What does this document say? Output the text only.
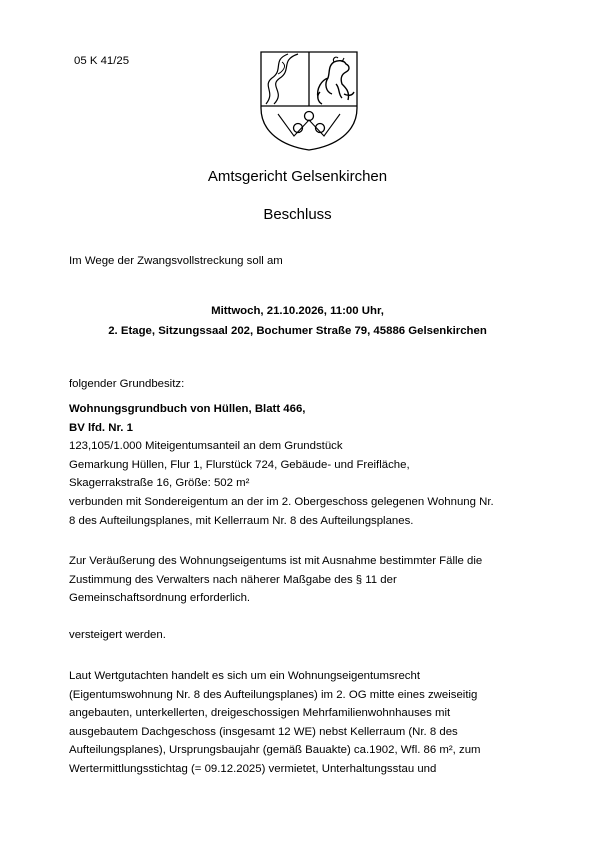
05 K 41/25
Amtsgericht Gelsenkirchen
Beschluss
Im Wege der Zwangsvollstreckung soll am
Mittwoch, 21.10.2026, 11:00 Uhr,
2. Etage, Sitzungssaal 202, Bochumer Straße 79, 45886 Gelsenkirchen
folgender Grundbesitz:
Wohnungsgrundbuch von Hüllen, Blatt 466,
BV lfd. Nr. 1
123,105/1.000 Miteigentumsanteil an dem Grundstück
Gemarkung Hüllen, Flur 1, Flurstück 724, Gebäude- und Freifläche,
Skagerrakstraße 16, Größe: 502 m²
verbunden mit Sondereigentum an der im 2. Obergeschoss gelegenen Wohnung Nr.
8 des Aufteilungsplanes, mit Kellerraum Nr. 8 des Aufteilungsplanes.
Zur Veräußerung des Wohnungseigentums ist mit Ausnahme bestimmter Fälle die
Zustimmung des Verwalters nach näherer Maßgabe des § 11 der
Gemeinschaftsordnung erforderlich.
versteigert werden.
Laut Wertgutachten handelt es sich um ein Wohnungseigentumsrecht
(Eigentumswohnung Nr. 8 des Aufteilungsplanes) im 2. OG mitte eines zweiseitig
angebauten, unterkellerten, dreigeschossigen Mehrfamilienwohnhauses mit
ausgebautem Dachgeschoss (insgesamt 12 WE) nebst Kellerraum (Nr. 8 des
Aufteilungsplanes), Ursprungsbaujahr (gemäß Bauakte) ca.1902, Wfl. 86 m², zum
Wertermittlungsstichtag (= 09.12.2025) vermietet, Unterhaltungsstau und
